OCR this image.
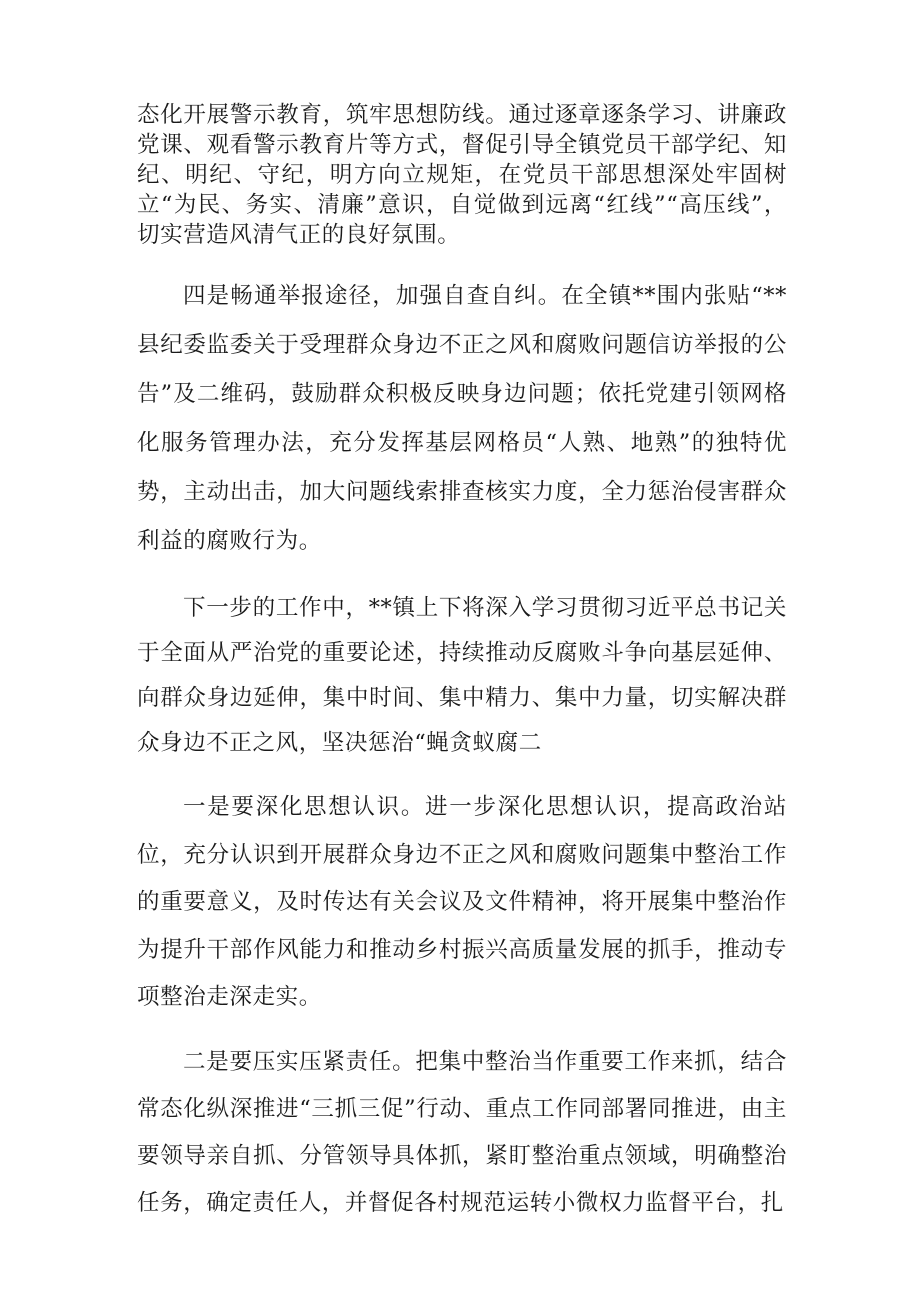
态化开展警示教育，筑牢思想防线。通过逐章逐条学习、讲廉政党课、观看警示教育片等方式，督促引导全镇党员干部学纪、知纪、明纪、守纪，明方向立规矩，在党员干部思想深处牢固树立“为民、务实、清廉”意识，自觉做到远离“红线”“高压线”，切实营造风清气正的良好氛围。

四是畅通举报途径，加强自查自纠。在全镇**围内张贴“**县纪委监委关于受理群众身边不正之风和腐败问题信访举报的公告”及二维码，鼓励群众积极反映身边问题；依托党建引领网格化服务管理办法，充分发挥基层网格员“人熟、地熟”的独特优势，主动出击，加大问题线索排查核实力度，全力惩治侵害群众利益的腐败行为。

下一步的工作中，**镇上下将深入学习贯彻习近平总书记关于全面从严治党的重要论述，持续推动反腐败斗争向基层延伸、向群众身边延伸，集中时间、集中精力、集中力量，切实解决群众身边不正之风，坚决惩治“蝇贪蚁腐二

一是要深化思想认识。进一步深化思想认识，提高政治站位，充分认识到开展群众身边不正之风和腐败问题集中整治工作的重要意义，及时传达有关会议及文件精神，将开展集中整治作为提升干部作风能力和推动乡村振兴高质量发展的抓手，推动专项整治走深走实。

二是要压实压紧责任。把集中整治当作重要工作来抓，结合常态化纵深推进“三抓三促”行动、重点工作同部署同推进，由主要领导亲自抓、分管领导具体抓，紧盯整治重点领域，明确整治任务，确定责任人，并督促各村规范运转小微权力监督平台，扎
